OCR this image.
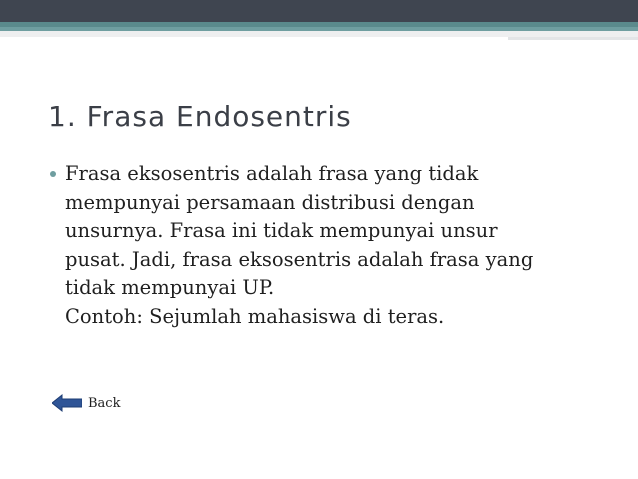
1. Frasa Endosentris
Frasa eksosentris adalah frasa yang tidak
mempunyai persamaan distribusi dengan
unsurnya. Frasa ini tidak mempunyai unsur
pusat. Jadi, frasa eksosentris adalah frasa yang
tidak mempunyai UP.
Contoh: Sejumlah mahasiswa di teras.
Back
